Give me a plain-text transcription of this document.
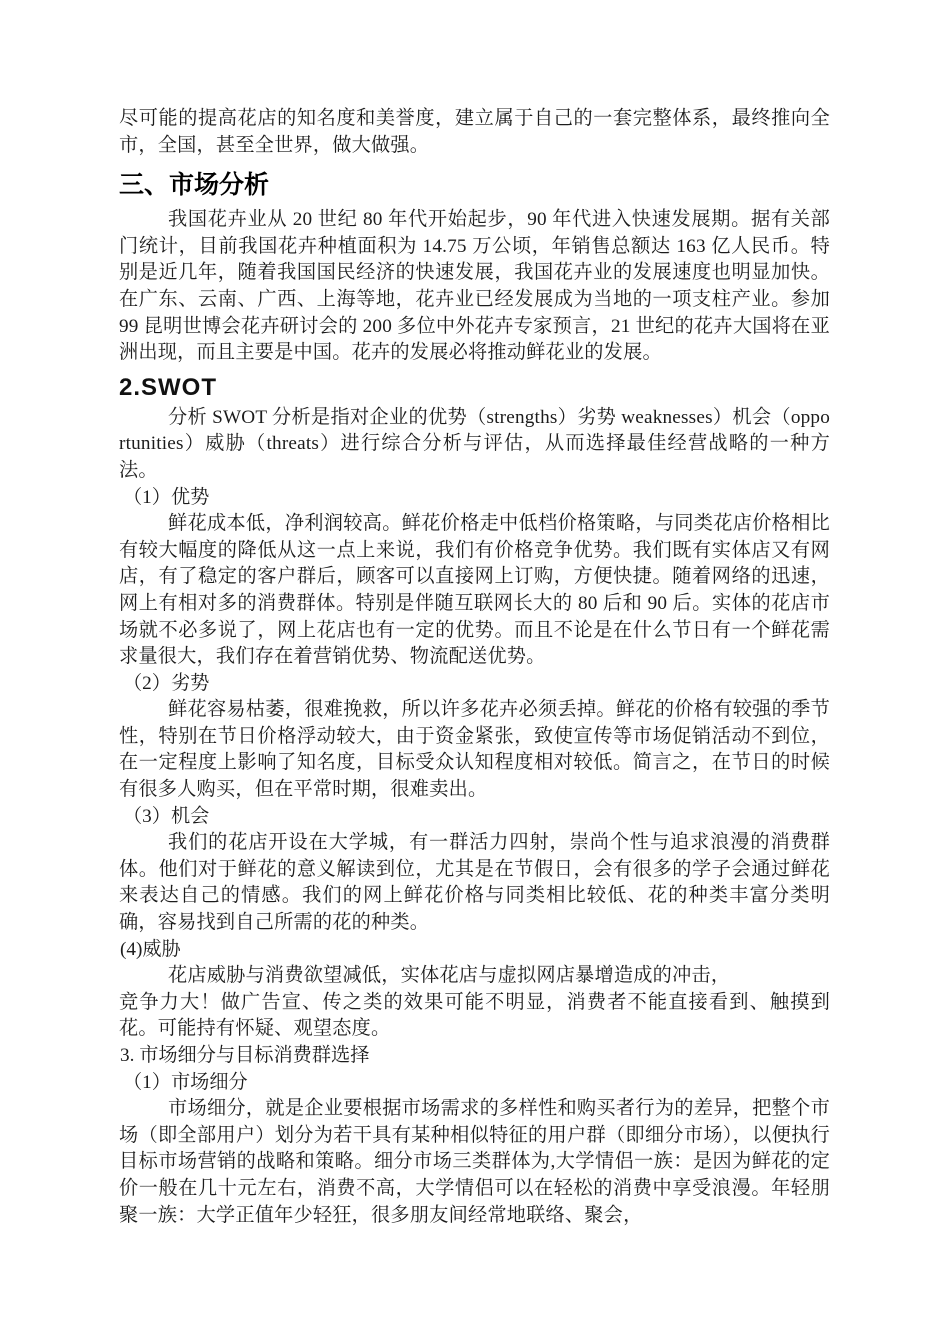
尽可能的提高花店的知名度和美誉度，建立属于自己的一套完整体系，最终推向全市，全国，甚至全世界，做大做强。

三、市场分析

我国花卉业从 20 世纪 80 年代开始起步，90 年代进入快速发展期。据有关部门统计，目前我国花卉种植面积为 14.75 万公顷，年销售总额达 163 亿人民币。特别是近几年，随着我国国民经济的快速发展，我国花卉业的发展速度也明显加快。在广东、云南、广西、上海等地，花卉业已经发展成为当地的一项支柱产业。参加 99 昆明世博会花卉研讨会的 200 多位中外花卉专家预言，21 世纪的花卉大国将在亚洲出现，而且主要是中国。花卉的发展必将推动鲜花业的发展。

2.SWOT

分析 SWOT 分析是指对企业的优势（strengths）劣势 weaknesses）机会（opportunities）威胁（threats）进行综合分析与评估，从而选择最佳经营战略的一种方法。

（1）优势

鲜花成本低，净利润较高。鲜花价格走中低档价格策略，与同类花店价格相比有较大幅度的降低从这一点上来说，我们有价格竞争优势。我们既有实体店又有网店，有了稳定的客户群后，顾客可以直接网上订购，方便快捷。随着网络的迅速，网上有相对多的消费群体。特别是伴随互联网长大的 80 后和 90 后。实体的花店市场就不必多说了，网上花店也有一定的优势。而且不论是在什么节日有一个鲜花需求量很大，我们存在着营销优势、物流配送优势。

（2）劣势

鲜花容易枯萎，很难挽救，所以许多花卉必须丢掉。鲜花的价格有较强的季节性，特别在节日价格浮动较大，由于资金紧张，致使宣传等市场促销活动不到位，在一定程度上影响了知名度，目标受众认知程度相对较低。简言之，在节日的时候有很多人购买，但在平常时期，很难卖出。

（3）机会

我们的花店开设在大学城，有一群活力四射，崇尚个性与追求浪漫的消费群体。他们对于鲜花的意义解读到位，尤其是在节假日，会有很多的学子会通过鲜花来表达自己的情感。我们的网上鲜花价格与同类相比较低、花的种类丰富分类明确，容易找到自己所需的花的种类。

(4)威胁

花店威胁与消费欲望减低，实体花店与虚拟网店暴增造成的冲击，

竞争力大！做广告宣、传之类的效果可能不明显，消费者不能直接看到、触摸到花。可能持有怀疑、观望态度。

3. 市场细分与目标消费群选择

（1）市场细分

市场细分，就是企业要根据市场需求的多样性和购买者行为的差异，把整个市场（即全部用户）划分为若干具有某种相似特征的用户群（即细分市场），以便执行目标市场营销的战略和策略。细分市场三类群体为,大学情侣一族：是因为鲜花的定价一般在几十元左右，消费不高，大学情侣可以在轻松的消费中享受浪漫。年轻朋聚一族：大学正值年少轻狂，很多朋友间经常地联络、聚会，
